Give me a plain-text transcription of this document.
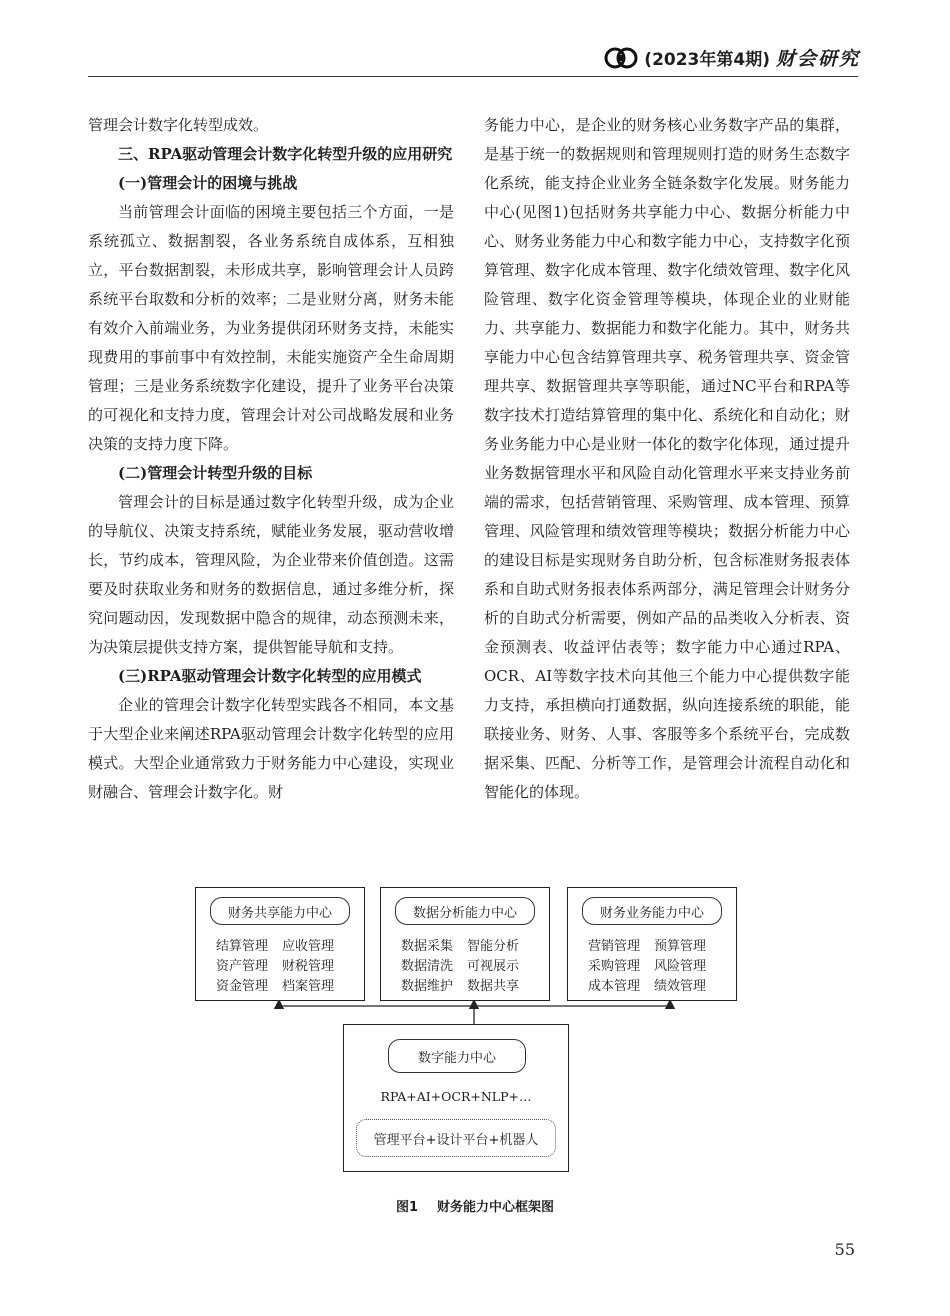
(2023年第4期) 财会研究

管理会计数字化转型成效。

三、RPA驱动管理会计数字化转型升级的应用研究
(一)管理会计的困境与挑战

当前管理会计面临的困境主要包括三个方面，一是系统孤立、数据割裂，各业务系统自成体系，互相独立，平台数据割裂，未形成共享，影响管理会计人员跨系统平台取数和分析的效率；二是业财分离，财务未能有效介入前端业务，为业务提供闭环财务支持，未能实现费用的事前事中有效控制，未能实施资产全生命周期管理；三是业务系统数字化建设，提升了业务平台决策的可视化和支持力度，管理会计对公司战略发展和业务决策的支持力度下降。

(二)管理会计转型升级的目标

管理会计的目标是通过数字化转型升级，成为企业的导航仪、决策支持系统，赋能业务发展，驱动营收增长，节约成本，管理风险，为企业带来价值创造。这需要及时获取业务和财务的数据信息，通过多维分析，探究问题动因，发现数据中隐含的规律，动态预测未来，为决策层提供支持方案，提供智能导航和支持。

(三)RPA驱动管理会计数字化转型的应用模式

企业的管理会计数字化转型实践各不相同，本文基于大型企业来阐述RPA驱动管理会计数字化转型的应用模式。大型企业通常致力于财务能力中心建设，实现业财融合、管理会计数字化。财

务能力中心，是企业的财务核心业务数字产品的集群，是基于统一的数据规则和管理规则打造的财务生态数字化系统，能支持企业业务全链条数字化发展。财务能力中心(见图1)包括财务共享能力中心、数据分析能力中心、财务业务能力中心和数字能力中心，支持数字化预算管理、数字化成本管理、数字化绩效管理、数字化风险管理、数字化资金管理等模块，体现企业的业财能力、共享能力、数据能力和数字化能力。其中，财务共享能力中心包含结算管理共享、税务管理共享、资金管理共享、数据管理共享等职能，通过NC平台和RPA等数字技术打造结算管理的集中化、系统化和自动化；财务业务能力中心是业财一体化的数字化体现，通过提升业务数据管理水平和风险自动化管理水平来支持业务前端的需求，包括营销管理、采购管理、成本管理、预算管理、风险管理和绩效管理等模块；数据分析能力中心的建设目标是实现财务自助分析，包含标准财务报表体系和自助式财务报表体系两部分，满足管理会计财务分析的自助式分析需要，例如产品的品类收入分析表、资金预测表、收益评估表等；数字能力中心通过RPA、OCR、AI等数字技术向其他三个能力中心提供数字能力支持，承担横向打通数据，纵向连接系统的职能，能联接业务、财务、人事、客服等多个系统平台，完成数据采集、匹配、分析等工作，是管理会计流程自动化和智能化的体现。

财务共享能力中心
结算管理 应收管理
资产管理 财税管理
资金管理 档案管理
数据分析能力中心
数据采集 智能分析
数据清洗 可视展示
数据维护 数据共享
财务业务能力中心
营销管理 预算管理
采购管理 风险管理
成本管理 绩效管理
数字能力中心
RPA+AI+OCR+NLP+…
管理平台+设计平台+机器人
图1 财务能力中心框架图
55
